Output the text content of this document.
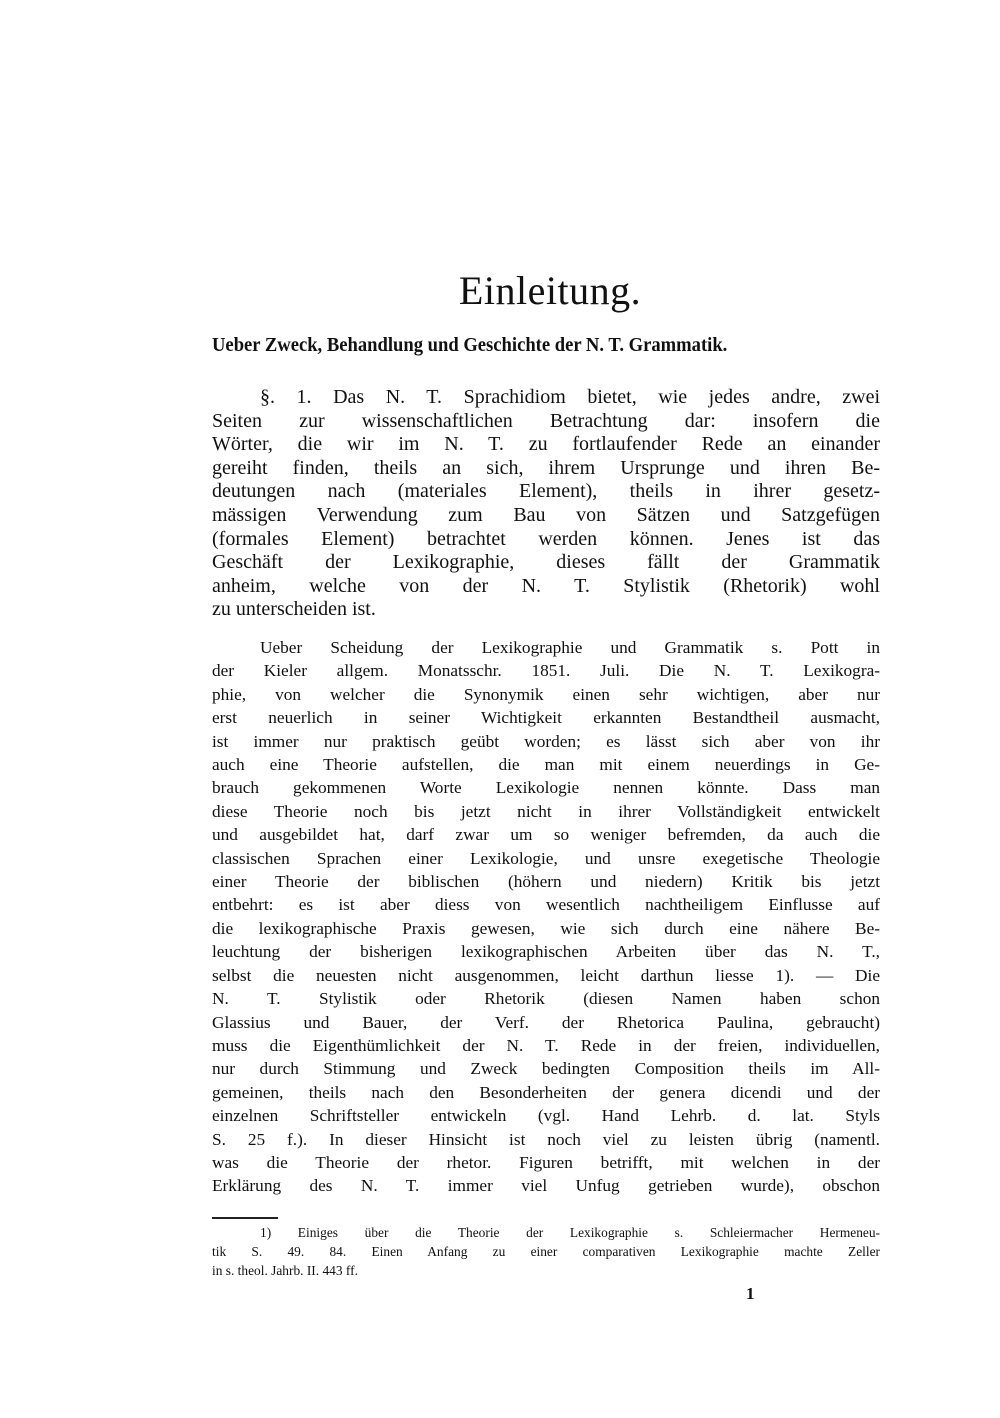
Einleitung.
Ueber Zweck, Behandlung und Geschichte der N. T. Grammatik.
§. 1. Das N. T. Sprachidiom bietet, wie jedes andre, zwei
Seiten zur wissenschaftlichen Betrachtung dar: insofern die
Wörter, die wir im N. T. zu fortlaufender Rede an einander
gereiht finden, theils an sich, ihrem Ursprunge und ihren Be-
deutungen nach (materiales Element), theils in ihrer gesetz-
mässigen Verwendung zum Bau von Sätzen und Satzgefügen
(formales Element) betrachtet werden können. Jenes ist das
Geschäft der Lexikographie, dieses fällt der Grammatik
anheim, welche von der N. T. Stylistik (Rhetorik) wohl
zu unterscheiden ist.
Ueber Scheidung der Lexikographie und Grammatik s. Pott in
der Kieler allgem. Monatsschr. 1851. Juli. Die N. T. Lexikogra-
phie, von welcher die Synonymik einen sehr wichtigen, aber nur
erst neuerlich in seiner Wichtigkeit erkannten Bestandtheil ausmacht,
ist immer nur praktisch geübt worden; es lässt sich aber von ihr
auch eine Theorie aufstellen, die man mit einem neuerdings in Ge-
brauch gekommenen Worte Lexikologie nennen könnte. Dass man
diese Theorie noch bis jetzt nicht in ihrer Vollständigkeit entwickelt
und ausgebildet hat, darf zwar um so weniger befremden, da auch die
classischen Sprachen einer Lexikologie, und unsre exegetische Theologie
einer Theorie der biblischen (höhern und niedern) Kritik bis jetzt
entbehrt: es ist aber diess von wesentlich nachtheiligem Einflusse auf
die lexikographische Praxis gewesen, wie sich durch eine nähere Be-
leuchtung der bisherigen lexikographischen Arbeiten über das N. T.,
selbst die neuesten nicht ausgenommen, leicht darthun liesse 1). — Die
N. T. Stylistik oder Rhetorik (diesen Namen haben schon
Glassius und Bauer, der Verf. der Rhetorica Paulina, gebraucht)
muss die Eigenthümlichkeit der N. T. Rede in der freien, individuellen,
nur durch Stimmung und Zweck bedingten Composition theils im All-
gemeinen, theils nach den Besonderheiten der genera dicendi und der
einzelnen Schriftsteller entwickeln (vgl. Hand Lehrb. d. lat. Styls
S. 25 f.). In dieser Hinsicht ist noch viel zu leisten übrig (namentl.
was die Theorie der rhetor. Figuren betrifft, mit welchen in der
Erklärung des N. T. immer viel Unfug getrieben wurde), obschon
1) Einiges über die Theorie der Lexikographie s. Schleiermacher Hermeneu-
tik S. 49. 84. Einen Anfang zu einer comparativen Lexikographie machte Zeller
in s. theol. Jahrb. II. 443 ff.
1
